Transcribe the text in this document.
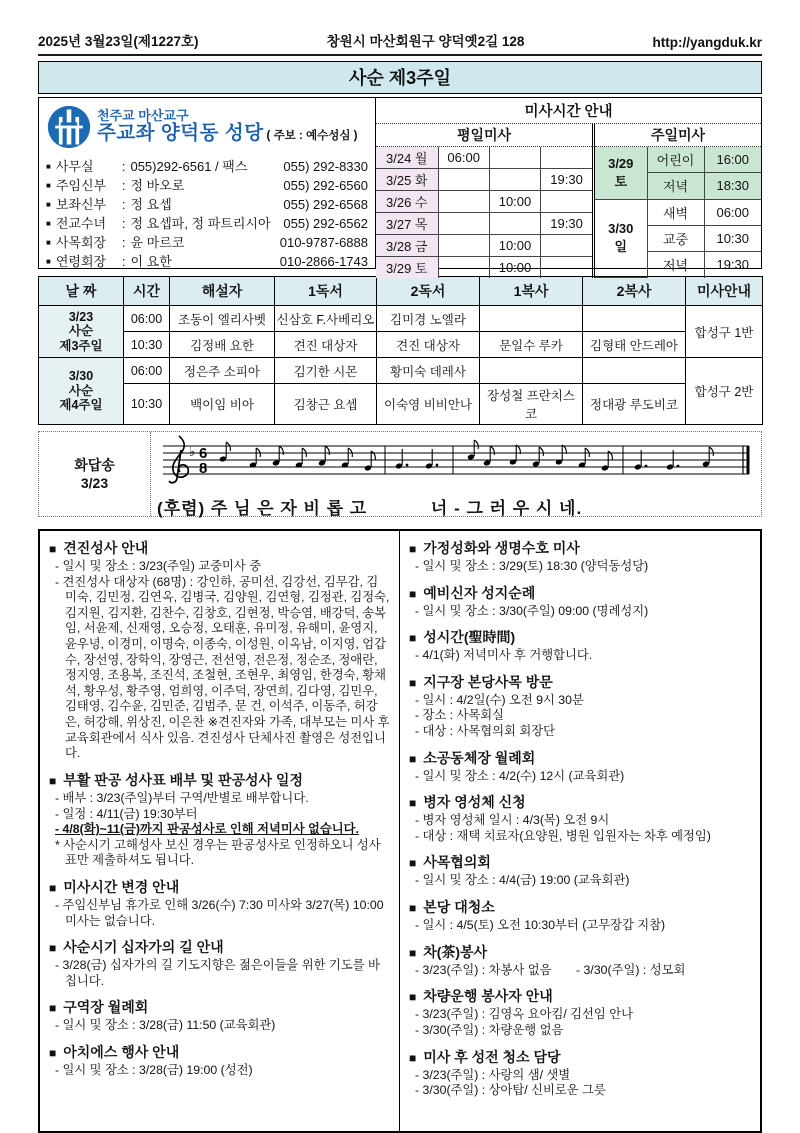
2025년 3월23일(제1227호)	창원시 마산회원구 양덕옛2길 128	http://yangduk.kr
사순 제3주일
천주교 마산교구
주교좌 양덕동 성당 ( 주보 : 예수성심 )
■ 사무실	: 055)292-6561 / 팩스	055) 292-8330
■ 주임신부	: 정 바오로	055) 292-6560
■ 보좌신부	: 정 요셉	055) 292-6568
■ 전교수녀	: 정 요셉파, 정 파트리시아 055) 292-6562
■ 사목회장	: 윤 마르코	010-9787-6888
■ 연령회장	: 이 요한	010-2866-1743
미사시간 안내
평일미사
3/24 월	06:00		
3/25 화			19:30
3/26 수		10:00	
3/27 목			19:30
3/28 금		10:00	
3/29 토		10:00	
주일미사
3/29
토	어린이	16:00
	저녁	18:30
3/30
일	새벽	06:00
	교중	10:30
	저녁	19:30
날 짜	시간	해설자	1독서	2독서	1복사	2복사	미사안내
3/23
사순
제3주일	06:00	조동이 엘리사벳	신삼호 F.사베리오	김미경 노엘라			합성구 1반
	10:30	김정배 요한	견진 대상자	견진 대상자	문일수 루카	김형태 안드레아	
3/30
사순
제4주일	06:00	정은주 소피아	김기한 시몬	황미숙 데레사			합성구 2반
	10:30	백이임 비아	김창근 요셉	이숙영 비비안나	장성철 프란치스코	정대광 루도비코	
화답송
3/23
♭ 6
8
(후렴) 주 님 은 자 비 롭 고	너 - 그 러 우 시 네.
■ 견진성사 안내
- 일시 및 장소 : 3/23(주일) 교중미사 중
- 견진성사 대상자 (68명) : 강인하, 공미선, 김강선, 김무감, 김미숙, 김민정, 김연옥, 김병국, 김양원, 김연형, 김정관, 김정숙, 김지원, 김지환, 김찬수, 김창호, 김현정, 박승염, 배강덕, 송복임, 서윤제, 신재영, 오승정, 오태훈, 유미정, 유해미, 윤영지, 윤우녕, 이경미, 이명숙, 이종숙, 이성원, 이옥남, 이지영, 엄갑수, 장선영, 장학익, 장영근, 전선영, 전은정, 정순조, 정애란, 정지영, 조용복, 조진석, 조철현, 조현우, 최영임, 한경숙, 황채석, 황우성, 황주영, 엄희영, 이주덕, 장연희, 김다영, 김민우, 김태영, 김수윤, 김민준, 김범주, 문 건, 이석주, 이동주, 허강은, 허강해, 위상진, 이은찬 ※견진자와 가족, 대부모는 미사 후 교육회관에서 식사 있음. 견진성사 단체사진 촬영은 성전입니다.
■ 부활 판공 성사표 배부 및 판공성사 일정
- 배부 : 3/23(주일)부터 구역/반별로 배부합니다.
- 일정 : 4/11(금) 19:30부터
- 4/8(화)~11(금)까지 판공성사로 인해 저녁미사 없습니다.
* 사순시기 고해성사 보신 경우는 판공성사로 인정하오니 성사표만 제출하셔도 됩니다.
■ 미사시간 변경 안내
- 주임신부님 휴가로 인해 3/26(수) 7:30 미사와 3/27(목) 10:00 미사는 없습니다.
■ 사순시기 십자가의 길 안내
- 3/28(금) 십자가의 길 기도지향은 젊은이들을 위한 기도를 바칩니다.
■ 구역장 월례회
- 일시 및 장소 : 3/28(금) 11:50 (교육회관)
■ 아치에스 행사 안내
- 일시 및 장소 : 3/28(금) 19:00 (성전)
■ 가정성화와 생명수호 미사
- 일시 및 장소 : 3/29(토) 18:30 (양덕동성당)
■ 예비신자 성지순례
- 일시 및 장소 : 3/30(주일) 09:00 (명례성지)
■ 성시간(聖時間)
- 4/1(화) 저녁미사 후 거행합니다.
■ 지구장 본당사목 방문
- 일시 : 4/2일(수) 오전 9시 30분
- 장소 : 사목회실
- 대상 : 사목협의회 회장단
■ 소공동체장 월례회
- 일시 및 장소 : 4/2(수) 12시 (교육회관)
■ 병자 영성체 신청
- 병자 영성체 일시 : 4/3(목) 오전 9시
- 대상 : 재택 치료자(요양원, 병원 입원자는 차후 예정임)
■ 사목협의회
- 일시 및 장소 : 4/4(금) 19:00 (교육회관)
■ 본당 대청소
- 일시 : 4/5(토) 오전 10:30부터 (고무장갑 지참)
■ 차(茶)봉사
- 3/23(주일) : 차봉사 없음　　- 3/30(주일) : 성모회
■ 차량운행 봉사자 안내
- 3/23(주일) : 김영옥 요아킴/ 김선임 안나
- 3/30(주일) : 차량운행 없음
■ 미사 후 성전 청소 담당
- 3/23(주일) : 사랑의 샘/ 샛별
- 3/30(주일) : 상아탑/ 신비로운 그릇
